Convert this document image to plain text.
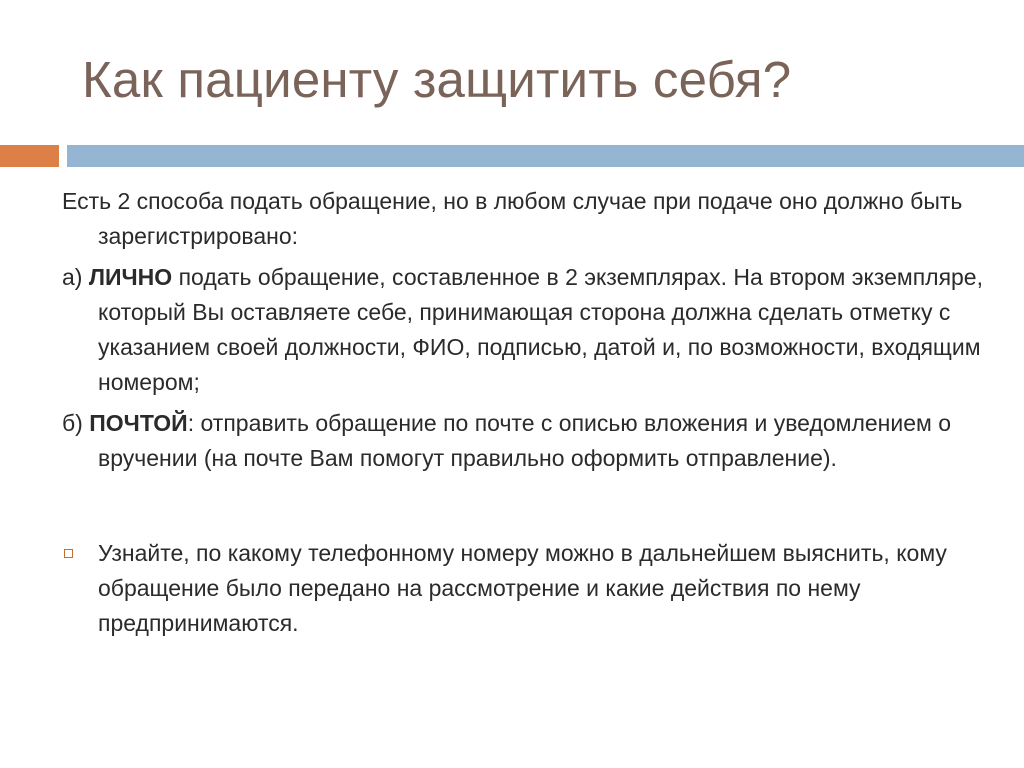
Как пациенту защитить себя?

Есть 2 способа подать обращение, но в любом случае при подаче оно должно быть зарегистрировано:

а) ЛИЧНО подать обращение, составленное в 2 экземплярах. На втором экземпляре, который Вы оставляете себе, принимающая сторона должна сделать отметку с указанием своей должности, ФИО, подписью, датой и, по возможности, входящим номером;

б) ПОЧТОЙ: отправить обращение по почте с описью вложения и уведомлением о вручении (на почте Вам помогут правильно оформить отправление).

Узнайте, по какому телефонному номеру можно в дальнейшем выяснить, кому обращение было передано на рассмотрение и какие действия по нему предпринимаются.
